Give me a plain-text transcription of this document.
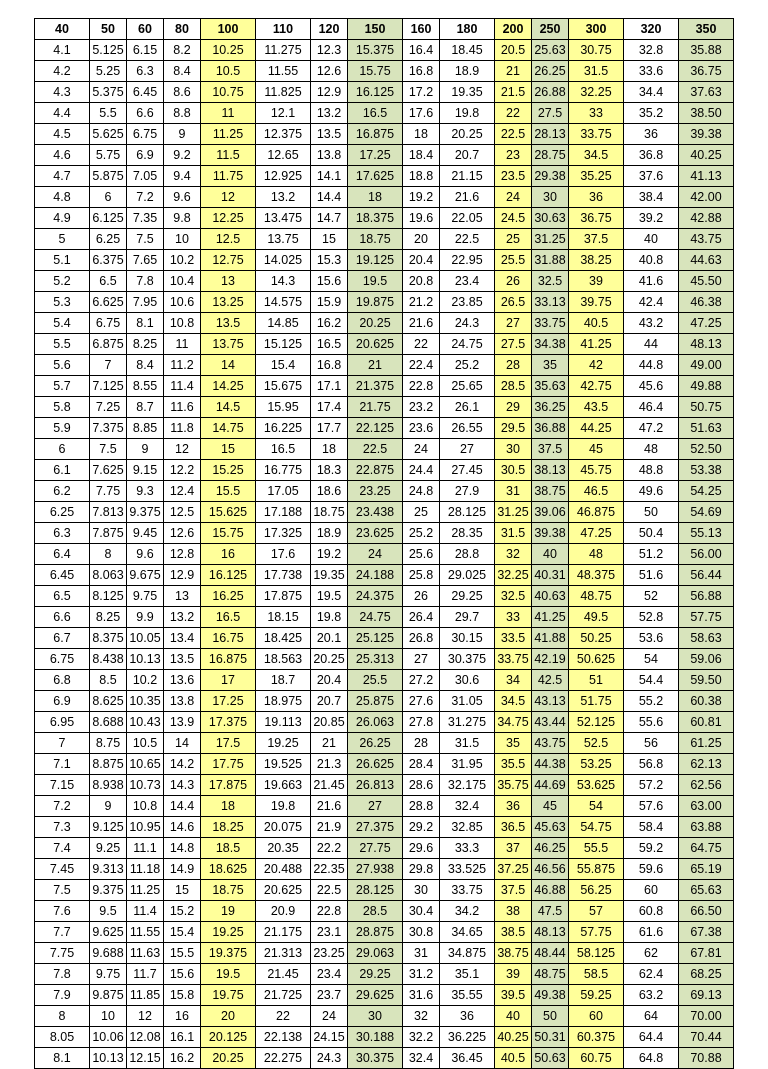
40	50	60	80	100	110	120	150	160	180	200	250	300	320	350
4.1	5.125	6.15	8.2	10.25	11.275	12.3	15.375	16.4	18.45	20.5	25.63	30.75	32.8	35.88
4.2	5.25	6.3	8.4	10.5	11.55	12.6	15.75	16.8	18.9	21	26.25	31.5	33.6	36.75
4.3	5.375	6.45	8.6	10.75	11.825	12.9	16.125	17.2	19.35	21.5	26.88	32.25	34.4	37.63
4.4	5.5	6.6	8.8	11	12.1	13.2	16.5	17.6	19.8	22	27.5	33	35.2	38.50
4.5	5.625	6.75	9	11.25	12.375	13.5	16.875	18	20.25	22.5	28.13	33.75	36	39.38
4.6	5.75	6.9	9.2	11.5	12.65	13.8	17.25	18.4	20.7	23	28.75	34.5	36.8	40.25
4.7	5.875	7.05	9.4	11.75	12.925	14.1	17.625	18.8	21.15	23.5	29.38	35.25	37.6	41.13
4.8	6	7.2	9.6	12	13.2	14.4	18	19.2	21.6	24	30	36	38.4	42.00
4.9	6.125	7.35	9.8	12.25	13.475	14.7	18.375	19.6	22.05	24.5	30.63	36.75	39.2	42.88
5	6.25	7.5	10	12.5	13.75	15	18.75	20	22.5	25	31.25	37.5	40	43.75
5.1	6.375	7.65	10.2	12.75	14.025	15.3	19.125	20.4	22.95	25.5	31.88	38.25	40.8	44.63
5.2	6.5	7.8	10.4	13	14.3	15.6	19.5	20.8	23.4	26	32.5	39	41.6	45.50
5.3	6.625	7.95	10.6	13.25	14.575	15.9	19.875	21.2	23.85	26.5	33.13	39.75	42.4	46.38
5.4	6.75	8.1	10.8	13.5	14.85	16.2	20.25	21.6	24.3	27	33.75	40.5	43.2	47.25
5.5	6.875	8.25	11	13.75	15.125	16.5	20.625	22	24.75	27.5	34.38	41.25	44	48.13
5.6	7	8.4	11.2	14	15.4	16.8	21	22.4	25.2	28	35	42	44.8	49.00
5.7	7.125	8.55	11.4	14.25	15.675	17.1	21.375	22.8	25.65	28.5	35.63	42.75	45.6	49.88
5.8	7.25	8.7	11.6	14.5	15.95	17.4	21.75	23.2	26.1	29	36.25	43.5	46.4	50.75
5.9	7.375	8.85	11.8	14.75	16.225	17.7	22.125	23.6	26.55	29.5	36.88	44.25	47.2	51.63
6	7.5	9	12	15	16.5	18	22.5	24	27	30	37.5	45	48	52.50
6.1	7.625	9.15	12.2	15.25	16.775	18.3	22.875	24.4	27.45	30.5	38.13	45.75	48.8	53.38
6.2	7.75	9.3	12.4	15.5	17.05	18.6	23.25	24.8	27.9	31	38.75	46.5	49.6	54.25
6.25	7.813	9.375	12.5	15.625	17.188	18.75	23.438	25	28.125	31.25	39.06	46.875	50	54.69
6.3	7.875	9.45	12.6	15.75	17.325	18.9	23.625	25.2	28.35	31.5	39.38	47.25	50.4	55.13
6.4	8	9.6	12.8	16	17.6	19.2	24	25.6	28.8	32	40	48	51.2	56.00
6.45	8.063	9.675	12.9	16.125	17.738	19.35	24.188	25.8	29.025	32.25	40.31	48.375	51.6	56.44
6.5	8.125	9.75	13	16.25	17.875	19.5	24.375	26	29.25	32.5	40.63	48.75	52	56.88
6.6	8.25	9.9	13.2	16.5	18.15	19.8	24.75	26.4	29.7	33	41.25	49.5	52.8	57.75
6.7	8.375	10.05	13.4	16.75	18.425	20.1	25.125	26.8	30.15	33.5	41.88	50.25	53.6	58.63
6.75	8.438	10.13	13.5	16.875	18.563	20.25	25.313	27	30.375	33.75	42.19	50.625	54	59.06
6.8	8.5	10.2	13.6	17	18.7	20.4	25.5	27.2	30.6	34	42.5	51	54.4	59.50
6.9	8.625	10.35	13.8	17.25	18.975	20.7	25.875	27.6	31.05	34.5	43.13	51.75	55.2	60.38
6.95	8.688	10.43	13.9	17.375	19.113	20.85	26.063	27.8	31.275	34.75	43.44	52.125	55.6	60.81
7	8.75	10.5	14	17.5	19.25	21	26.25	28	31.5	35	43.75	52.5	56	61.25
7.1	8.875	10.65	14.2	17.75	19.525	21.3	26.625	28.4	31.95	35.5	44.38	53.25	56.8	62.13
7.15	8.938	10.73	14.3	17.875	19.663	21.45	26.813	28.6	32.175	35.75	44.69	53.625	57.2	62.56
7.2	9	10.8	14.4	18	19.8	21.6	27	28.8	32.4	36	45	54	57.6	63.00
7.3	9.125	10.95	14.6	18.25	20.075	21.9	27.375	29.2	32.85	36.5	45.63	54.75	58.4	63.88
7.4	9.25	11.1	14.8	18.5	20.35	22.2	27.75	29.6	33.3	37	46.25	55.5	59.2	64.75
7.45	9.313	11.18	14.9	18.625	20.488	22.35	27.938	29.8	33.525	37.25	46.56	55.875	59.6	65.19
7.5	9.375	11.25	15	18.75	20.625	22.5	28.125	30	33.75	37.5	46.88	56.25	60	65.63
7.6	9.5	11.4	15.2	19	20.9	22.8	28.5	30.4	34.2	38	47.5	57	60.8	66.50
7.7	9.625	11.55	15.4	19.25	21.175	23.1	28.875	30.8	34.65	38.5	48.13	57.75	61.6	67.38
7.75	9.688	11.63	15.5	19.375	21.313	23.25	29.063	31	34.875	38.75	48.44	58.125	62	67.81
7.8	9.75	11.7	15.6	19.5	21.45	23.4	29.25	31.2	35.1	39	48.75	58.5	62.4	68.25
7.9	9.875	11.85	15.8	19.75	21.725	23.7	29.625	31.6	35.55	39.5	49.38	59.25	63.2	69.13
8	10	12	16	20	22	24	30	32	36	40	50	60	64	70.00
8.05	10.06	12.08	16.1	20.125	22.138	24.15	30.188	32.2	36.225	40.25	50.31	60.375	64.4	70.44
8.1	10.13	12.15	16.2	20.25	22.275	24.3	30.375	32.4	36.45	40.5	50.63	60.75	64.8	70.88
